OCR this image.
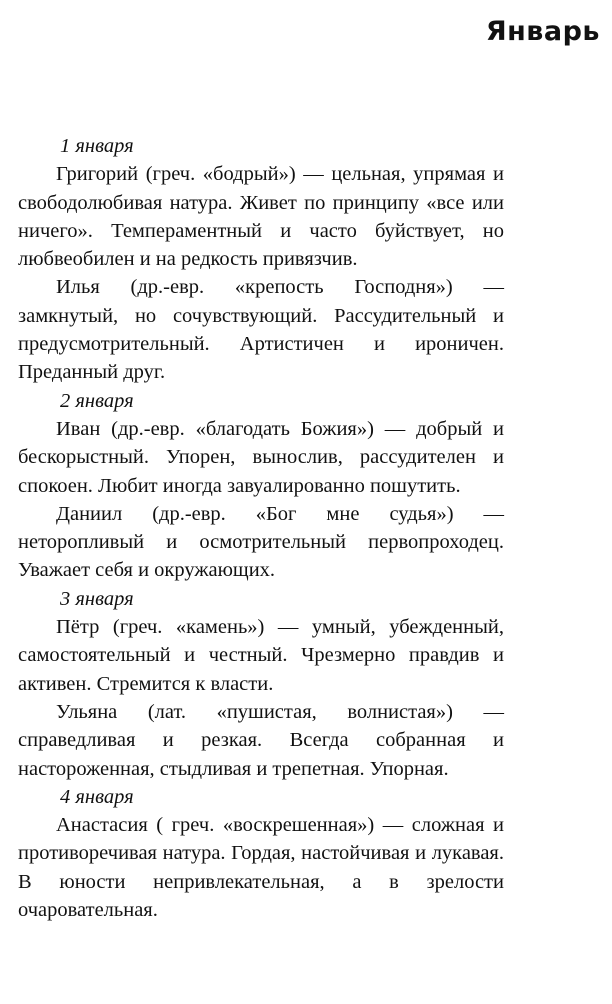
Январь

1 января

Григорий (греч. «бодрый») — цельная, упрямая и свободолюбивая натура. Живет по принципу «все или ничего». Темпераментный и часто буйствует, но любвеобилен и на редкость привязчив.

Илья (др.-евр. «крепость Господня») — замкнутый, но сочувствующий. Рассудительный и предусмотрительный. Артистичен и ироничен. Преданный друг.

2 января

Иван (др.-евр. «благодать Божия») — добрый и бескорыстный. Упорен, вынослив, рассудителен и спокоен. Любит иногда завуалированно пошутить.

Даниил (др.-евр. «Бог мне судья») — неторопливый и осмотрительный первопроходец. Уважает себя и окружающих.

3 января

Пётр (греч. «камень») — умный, убежденный, самостоятельный и честный. Чрезмерно правдив и активен. Стремится к власти.

Ульяна (лат. «пушистая, волнистая») — справедливая и резкая. Всегда собранная и настороженная, стыдливая и трепетная. Упорная.

4 января

Анастасия ( греч. «воскрешенная») — сложная и противоречивая натура. Гордая, настойчивая и лукавая. В юности непривлекательная, а в зрелости очаровательная.
